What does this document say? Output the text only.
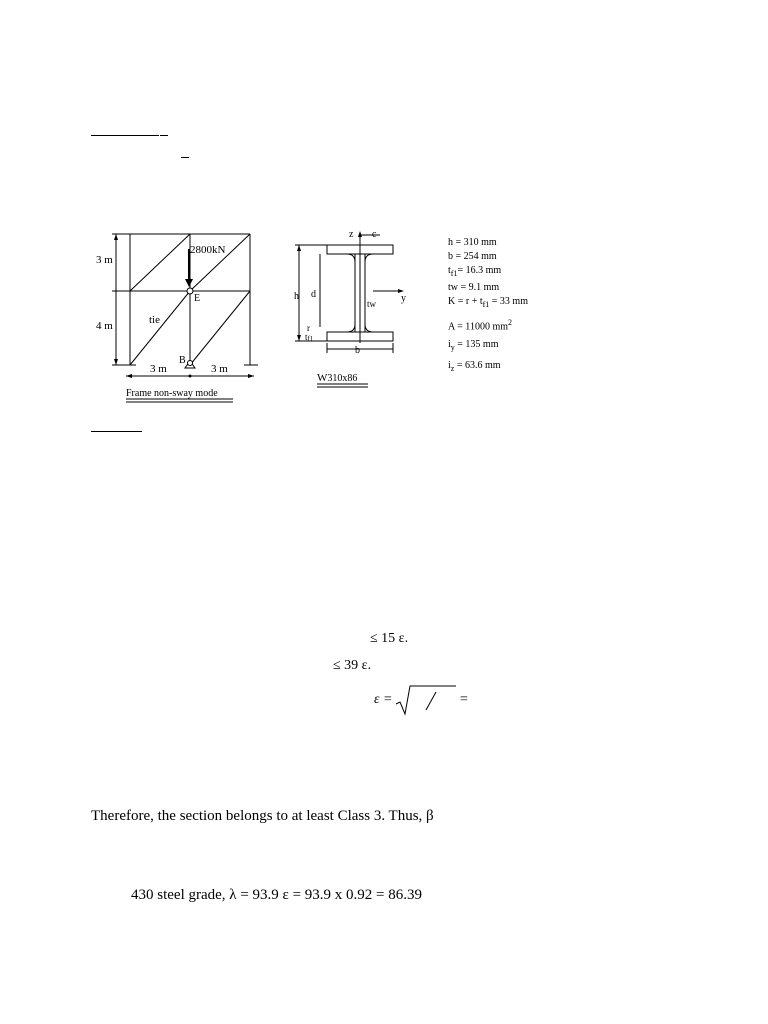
3 m
4 m
2800kN
E
B
tie
3 m	3 m
Frame non-sway mode
z c
y
h d
tw
r
tf1
b
W310x86
h = 310 mm
b = 254 mm
$t_{f1}= 16.3$ mm
tw = 9.1 mm
$K = r + t_{f1} = 33$ mm
A = 11000 $mm^2$
$i_y = 135$ mm
$i_z = 63.6$ mm
≤ 15 ε.
≤ 39 ε.
ε =	=
Therefore, the section belongs to at least Class 3. Thus, β
430 steel grade, λ = 93.9 ε = 93.9 x 0.92 = 86.39
